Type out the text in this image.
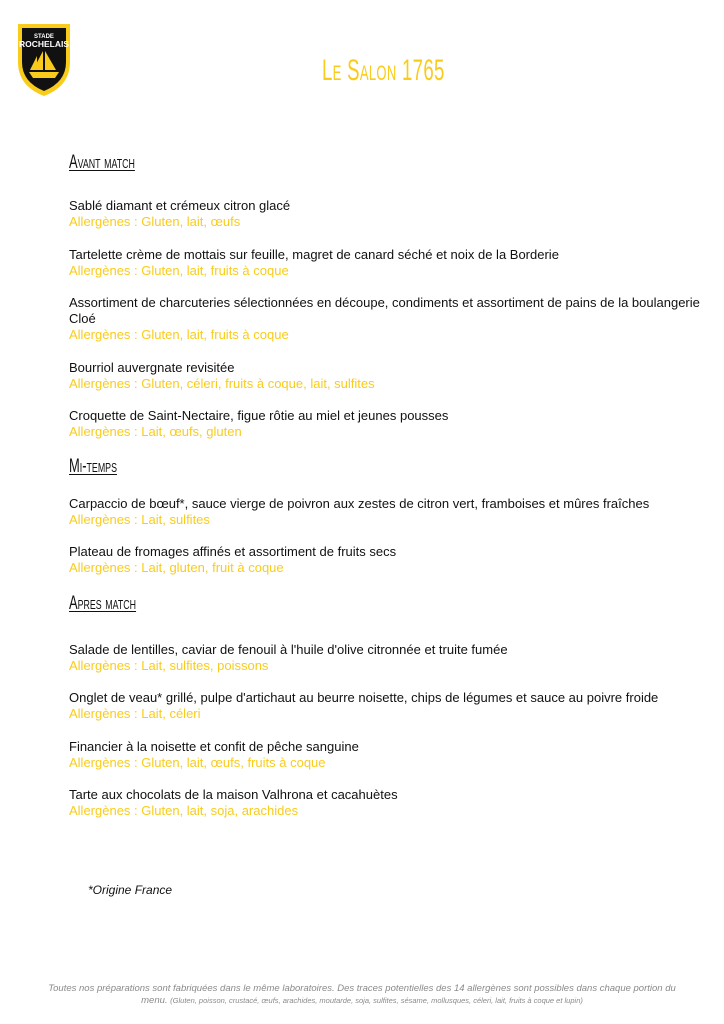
STADE
ROCHELAIS
Le Salon 1765
Avant match
Sablé diamant et crémeux citron glacé
Allergènes : Gluten, lait, œufs
Tartelette crème de mottais sur feuille, magret de canard séché et noix de la Borderie
Allergènes : Gluten, lait, fruits à coque
Assortiment de charcuteries sélectionnées en découpe, condiments et assortiment de pains de la boulangerie Cloé
Allergènes : Gluten, lait, fruits à coque
Bourriol auvergnate revisitée
Allergènes : Gluten, céleri, fruits à coque, lait, sulfites
Croquette de Saint-Nectaire, figue rôtie au miel et jeunes pousses
Allergènes : Lait, œufs, gluten
Mi-temps
Carpaccio de bœuf*, sauce vierge de poivron aux zestes de citron vert, framboises et mûres fraîches
Allergènes : Lait, sulfites
Plateau de fromages affinés et assortiment de fruits secs
Allergènes : Lait, gluten, fruit à coque
Apres match
Salade de lentilles, caviar de fenouil à l'huile d'olive citronnée et truite fumée
Allergènes : Lait, sulfites, poissons
Onglet de veau* grillé, pulpe d'artichaut au beurre noisette, chips de légumes et sauce au poivre froide
Allergènes : Lait, céleri
Financier à la noisette et confit de pêche sanguine
Allergènes : Gluten, lait, œufs, fruits à coque
Tarte aux chocolats de la maison Valhrona et cacahuètes
Allergènes : Gluten, lait, soja, arachides
*Origine France
Toutes nos préparations sont fabriquées dans le même laboratoires. Des traces potentielles des 14 allergènes sont possibles dans chaque portion du menu. (Gluten, poisson, crustacé, œufs, arachides, moutarde, soja, sulfites, sésame, mollusques, céleri, lait, fruits à coque et lupin)
